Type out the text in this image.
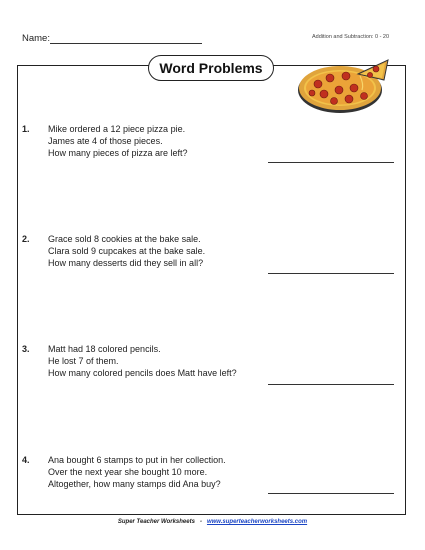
Name:	Addition and Subtraction: 0 - 20
Word Problems
1.	Mike ordered a 12 piece pizza pie.
James ate 4 of those pieces.
How many pieces of pizza are left?
2.	Grace sold 8 cookies at the bake sale.
Clara sold 9 cupcakes at the bake sale.
How many desserts did they sell in all?
3.	Matt had 18 colored pencils.
He lost 7 of them.
How many colored pencils does Matt have left?
4.	Ana bought 6 stamps to put in her collection.
Over the next year she bought 10 more.
Altogether, how many stamps did Ana buy?
Super Teacher Worksheets - www.superteacherworksheets.com
